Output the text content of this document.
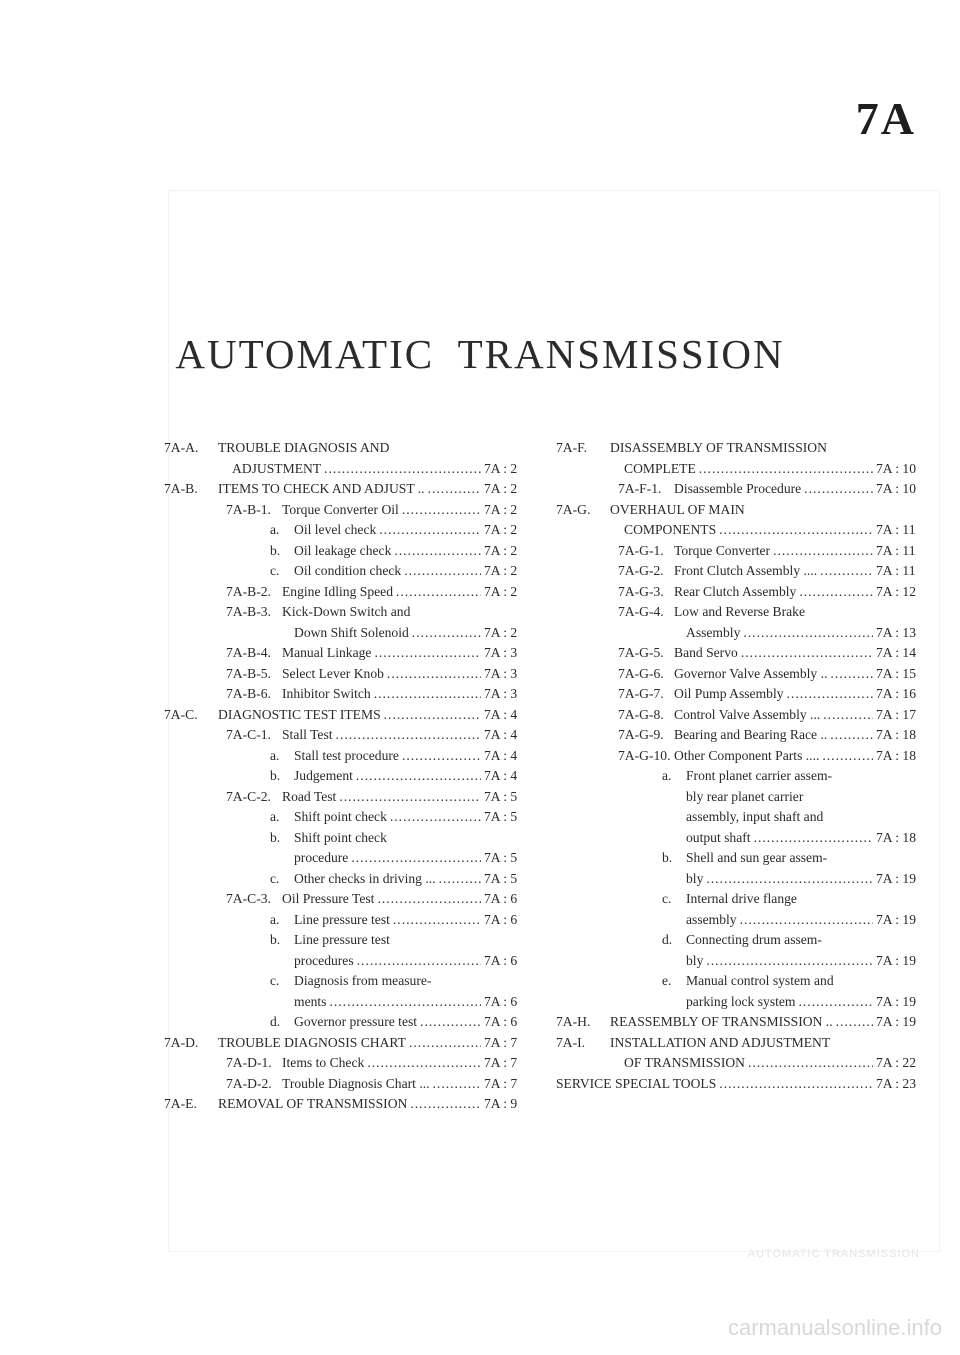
7A
AUTOMATIC TRANSMISSION
7A-A. TROUBLE DIAGNOSIS AND
ADJUSTMENT .....	7A : 2
7A-B. ITEMS TO CHECK AND ADJUST .. .....	7A : 2
7A-B-1. Torque Converter Oil .....	7A : 2
a. Oil level check .....	7A : 2
b. Oil leakage check .....	7A : 2
c. Oil condition check .....	7A : 2
7A-B-2. Engine Idling Speed .....	7A : 2
7A-B-3. Kick-Down Switch and
Down Shift Solenoid .....	7A : 2
7A-B-4. Manual Linkage .....	7A : 3
7A-B-5. Select Lever Knob .....	7A : 3
7A-B-6. Inhibitor Switch .....	7A : 3
7A-C. DIAGNOSTIC TEST ITEMS .....	7A : 4
7A-C-1. Stall Test .....	7A : 4
a. Stall test procedure .....	7A : 4
b. Judgement .....	7A : 4
7A-C-2. Road Test .....	7A : 5
a. Shift point check .....	7A : 5
b. Shift point check
procedure .....	7A : 5
c. Other checks in driving ... .....	7A : 5
7A-C-3. Oil Pressure Test .....	7A : 6
a. Line pressure test .....	7A : 6
b. Line pressure test
procedures .....	7A : 6
c. Diagnosis from measure-
ments .....	7A : 6
d. Governor pressure test .....	7A : 6
7A-D. TROUBLE DIAGNOSIS CHART .....	7A : 7
7A-D-1. Items to Check .....	7A : 7
7A-D-2. Trouble Diagnosis Chart ... .....	7A : 7
7A-E. REMOVAL OF TRANSMISSION .....	7A : 9
7A-F. DISASSEMBLY OF TRANSMISSION
COMPLETE .....	7A : 10
7A-F-1. Disassemble Procedure .....	7A : 10
7A-G. OVERHAUL OF MAIN
COMPONENTS .....	7A : 11
7A-G-1. Torque Converter .....	7A : 11
7A-G-2. Front Clutch Assembly .... .....	7A : 11
7A-G-3. Rear Clutch Assembly .....	7A : 12
7A-G-4. Low and Reverse Brake
Assembly .....	7A : 13
7A-G-5. Band Servo .....	7A : 14
7A-G-6. Governor Valve Assembly .. .....	7A : 15
7A-G-7. Oil Pump Assembly .....	7A : 16
7A-G-8. Control Valve Assembly ... .....	7A : 17
7A-G-9. Bearing and Bearing Race .. .....	7A : 18
7A-G-10. Other Component Parts .... .....	7A : 18
a. Front planet carrier assem-
bly rear planet carrier
assembly, input shaft and
output shaft .....	7A : 18
b. Shell and sun gear assem-
bly .....	7A : 19
c. Internal drive flange
assembly .....	7A : 19
d. Connecting drum assem-
bly .....	7A : 19
e. Manual control system and
parking lock system .....	7A : 19
7A-H. REASSEMBLY OF TRANSMISSION .. .....	7A : 19
7A-I. INSTALLATION AND ADJUSTMENT
OF TRANSMISSION .....	7A : 22
SERVICE SPECIAL TOOLS .....	7A : 23
AUTOMATIC TRANSMISSION
carmanualsonline.info
